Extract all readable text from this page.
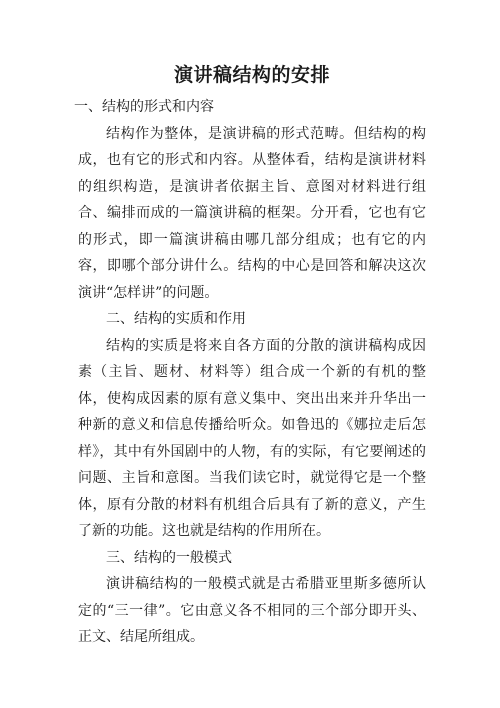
演讲稿结构的安排
一、结构的形式和内容

结构作为整体，是演讲稿的形式范畴。但结构的构成，也有它的形式和内容。从整体看，结构是演讲材料的组织构造，是演讲者依据主旨、意图对材料进行组合、编排而成的一篇演讲稿的框架。分开看，它也有它的形式，即一篇演讲稿由哪几部分组成；也有它的内容，即哪个部分讲什么。结构的中心是回答和解决这次演讲“怎样讲”的问题。

二、结构的实质和作用

结构的实质是将来自各方面的分散的演讲稿构成因素（主旨、题材、材料等）组合成一个新的有机的整体，使构成因素的原有意义集中、突出出来并升华出一种新的意义和信息传播给听众。如鲁迅的《娜拉走后怎样》，其中有外国剧中的人物，有的实际，有它要阐述的问题、主旨和意图。当我们读它时，就觉得它是一个整体，原有分散的材料有机组合后具有了新的意义，产生了新的功能。这也就是结构的作用所在。

三、结构的一般模式

演讲稿结构的一般模式就是古希腊亚里斯多德所认定的“三一律”。它由意义各不相同的三个部分即开头、正文、结尾所组成。
